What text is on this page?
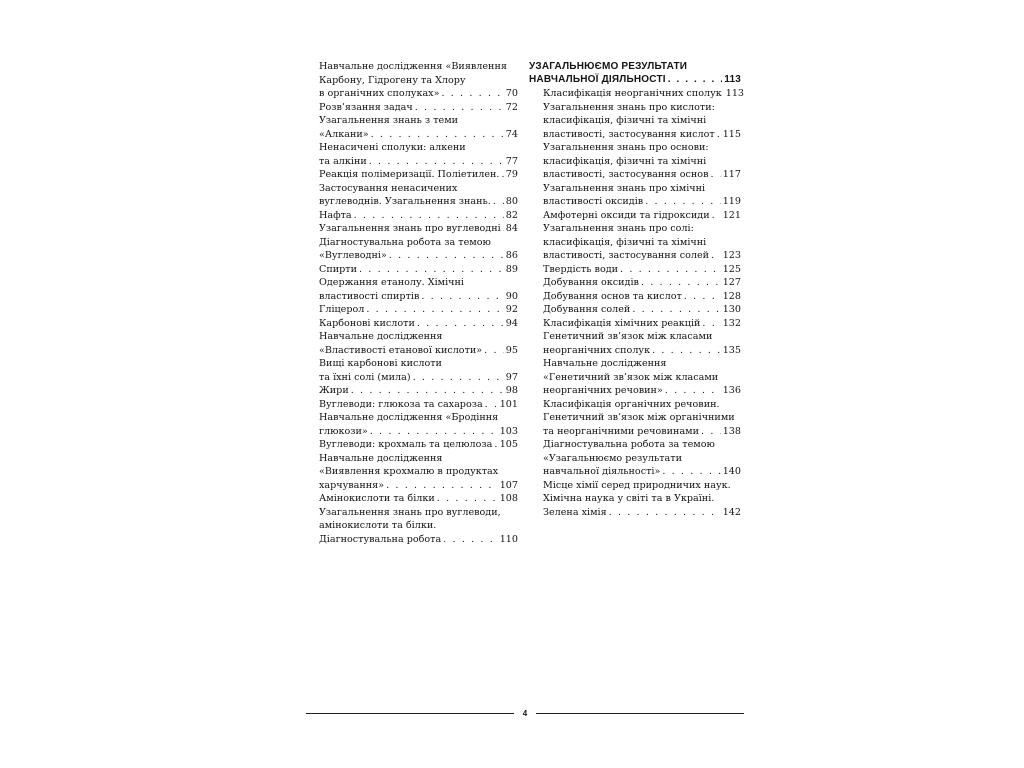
Навчальне дослідження «Виявлення
Карбону, Гідрогену та Хлору
в органічних сполуках» . . .	70
Розв’язання задач . . .	72
Узагальнення знань з теми
«Алкани» . . .	74
Ненасичені сполуки: алкени
та алкіни . . .	77
Реакція полімеризації. Поліетилен. . . . 79
Застосування ненасичених
вуглеводнів. Узагальнення знань. . . . 80
Нафта . . .	82
Узагальнення знань про вуглеводні . . . 84
Діагностувальна робота за темою
«Вуглеводні» . . .	86
Спирти . . .	89
Одержання етанолу. Хімічні
властивості спиртів . . .	90
Гліцерол . . .	92
Карбонові кислоти . . .	94
Навчальне дослідження
«Властивості етанової кислоти» . . . 95
Вищі карбонові кислоти
та їхні солі (мила) . . .	97
Жири . . .	98
Вуглеводи: глюкоза та сахароза . . . 101
Навчальне дослідження «Бродіння
глюкози» . . .	103
Вуглеводи: крохмаль та целюлоза . . . 105
Навчальне дослідження
«Виявлення крохмалю в продуктах
харчування» . . .	107
Амінокислоти та білки . . .	108
Узагальнення знань про вуглеводи,
амінокислоти та білки.
Діагностувальна робота . . .	110
УЗАГАЛЬНЮЄМО РЕЗУЛЬТАТИ
НАВЧАЛЬНОЇ ДІЯЛЬНОСТІ . . .	113
Класифікація неорганічних сполук 113
Узагальнення знань про кислоти:
класифікація, фізичні та хімічні
властивості, застосування кислот . . . 115
Узагальнення знань про основи:
класифікація, фізичні та хімічні
властивості, застосування основ . . . 117
Узагальнення знань про хімічні
властивості оксидів . . .	119
Амфотерні оксиди та гідроксиди . . . 121
Узагальнення знань про солі:
класифікація, фізичні та хімічні
властивості, застосування солей . . . 123
Твердість води . . .	125
Добування оксидів . . .	127
Добування основ та кислот . . .	128
Добування солей . . .	130
Класифікація хімічних реакцій . . . 132
Генетичний зв’язок між класами
неорганічних сполук . . .	135
Навчальне дослідження
«Генетичний зв’язок між класами
неорганічних речовин» . . .	136
Класифікація органічних речовин.
Генетичний зв’язок між органічними
та неорганічними речовинами . . . 138
Діагностувальна робота за темою
«Узагальнюємо результати
навчальної діяльності» . . .	140
Місце хімії серед природничих наук.
Хімічна наука у світі та в Україні.
Зелена хімія . . .	142
4
